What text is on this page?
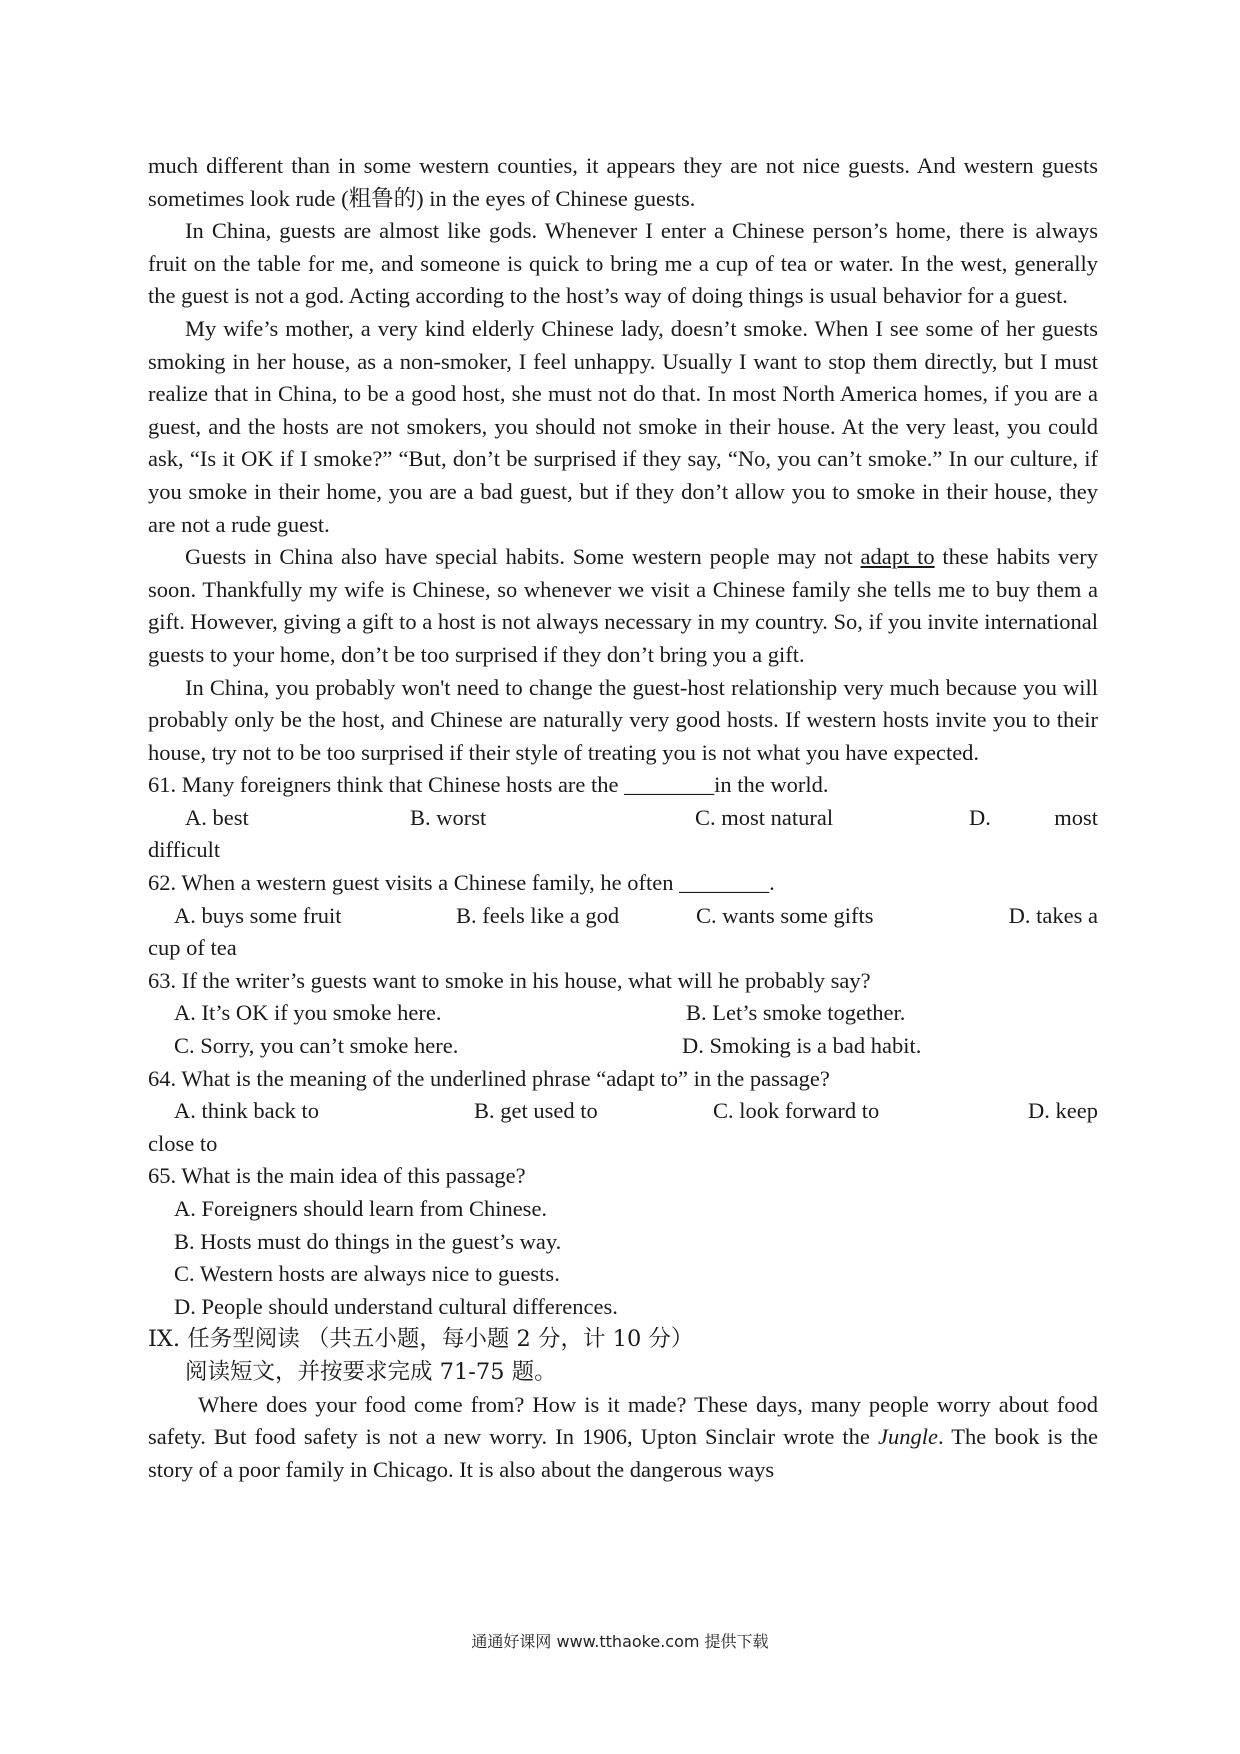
much different than in some western counties, it appears they are not nice guests. And western guests sometimes look rude (粗鲁的) in the eyes of Chinese guests.

In China, guests are almost like gods. Whenever I enter a Chinese person’s home, there is always fruit on the table for me, and someone is quick to bring me a cup of tea or water. In the west, generally the guest is not a god. Acting according to the host’s way of doing things is usual behavior for a guest.

My wife’s mother, a very kind elderly Chinese lady, doesn’t smoke. When I see some of her guests smoking in her house, as a non-smoker, I feel unhappy. Usually I want to stop them directly, but I must realize that in China, to be a good host, she must not do that. In most North America homes, if you are a guest, and the hosts are not smokers, you should not smoke in their house. At the very least, you could ask, “Is it OK if I smoke?” “But, don’t be surprised if they say, “No, you can’t smoke.” In our culture, if you smoke in their home, you are a bad guest, but if they don’t allow you to smoke in their house, they are not a rude guest.

Guests in China also have special habits. Some western people may not adapt to these habits very soon. Thankfully my wife is Chinese, so whenever we visit a Chinese family she tells me to buy them a gift. However, giving a gift to a host is not always necessary in my country. So, if you invite international guests to your home, don’t be too surprised if they don’t bring you a gift.

In China, you probably won't need to change the guest-host relationship very much because you will probably only be the host, and Chinese are naturally very good hosts. If western hosts invite you to their house, try not to be too surprised if their style of treating you is not what you have expected.

61. Many foreigners think that Chinese hosts are the ________in the world.

A. best	B. worst	C. most natural	D.	most

difficult

62. When a western guest visits a Chinese family, he often ________.

A. buys some fruit	B. feels like a god	C. wants some gifts	D. takes a

cup of tea

63. If the writer’s guests want to smoke in his house, what will he probably say?

A. It’s OK if you smoke here.	B. Let’s smoke together.
C. Sorry, you can’t smoke here.	D. Smoking is a bad habit.

64. What is the meaning of the underlined phrase “adapt to” in the passage?

A. think back to	B. get used to	C. look forward to	D. keep

close to

65. What is the main idea of this passage?

A. Foreigners should learn from Chinese.

B. Hosts must do things in the guest’s way.

C. Western hosts are always nice to guests.

D. People should understand cultural differences.

IX. 任务型阅读 （共五小题，每小题 2 分，计 10 分）

阅读短文，并按要求完成 71-75 题。

Where does your food come from? How is it made? These days, many people worry about food safety. But food safety is not a new worry. In 1906, Upton Sinclair wrote the Jungle. The book is the story of a poor family in Chicago. It is also about the dangerous ways

通通好课网 www.tthaoke.com 提供下载
